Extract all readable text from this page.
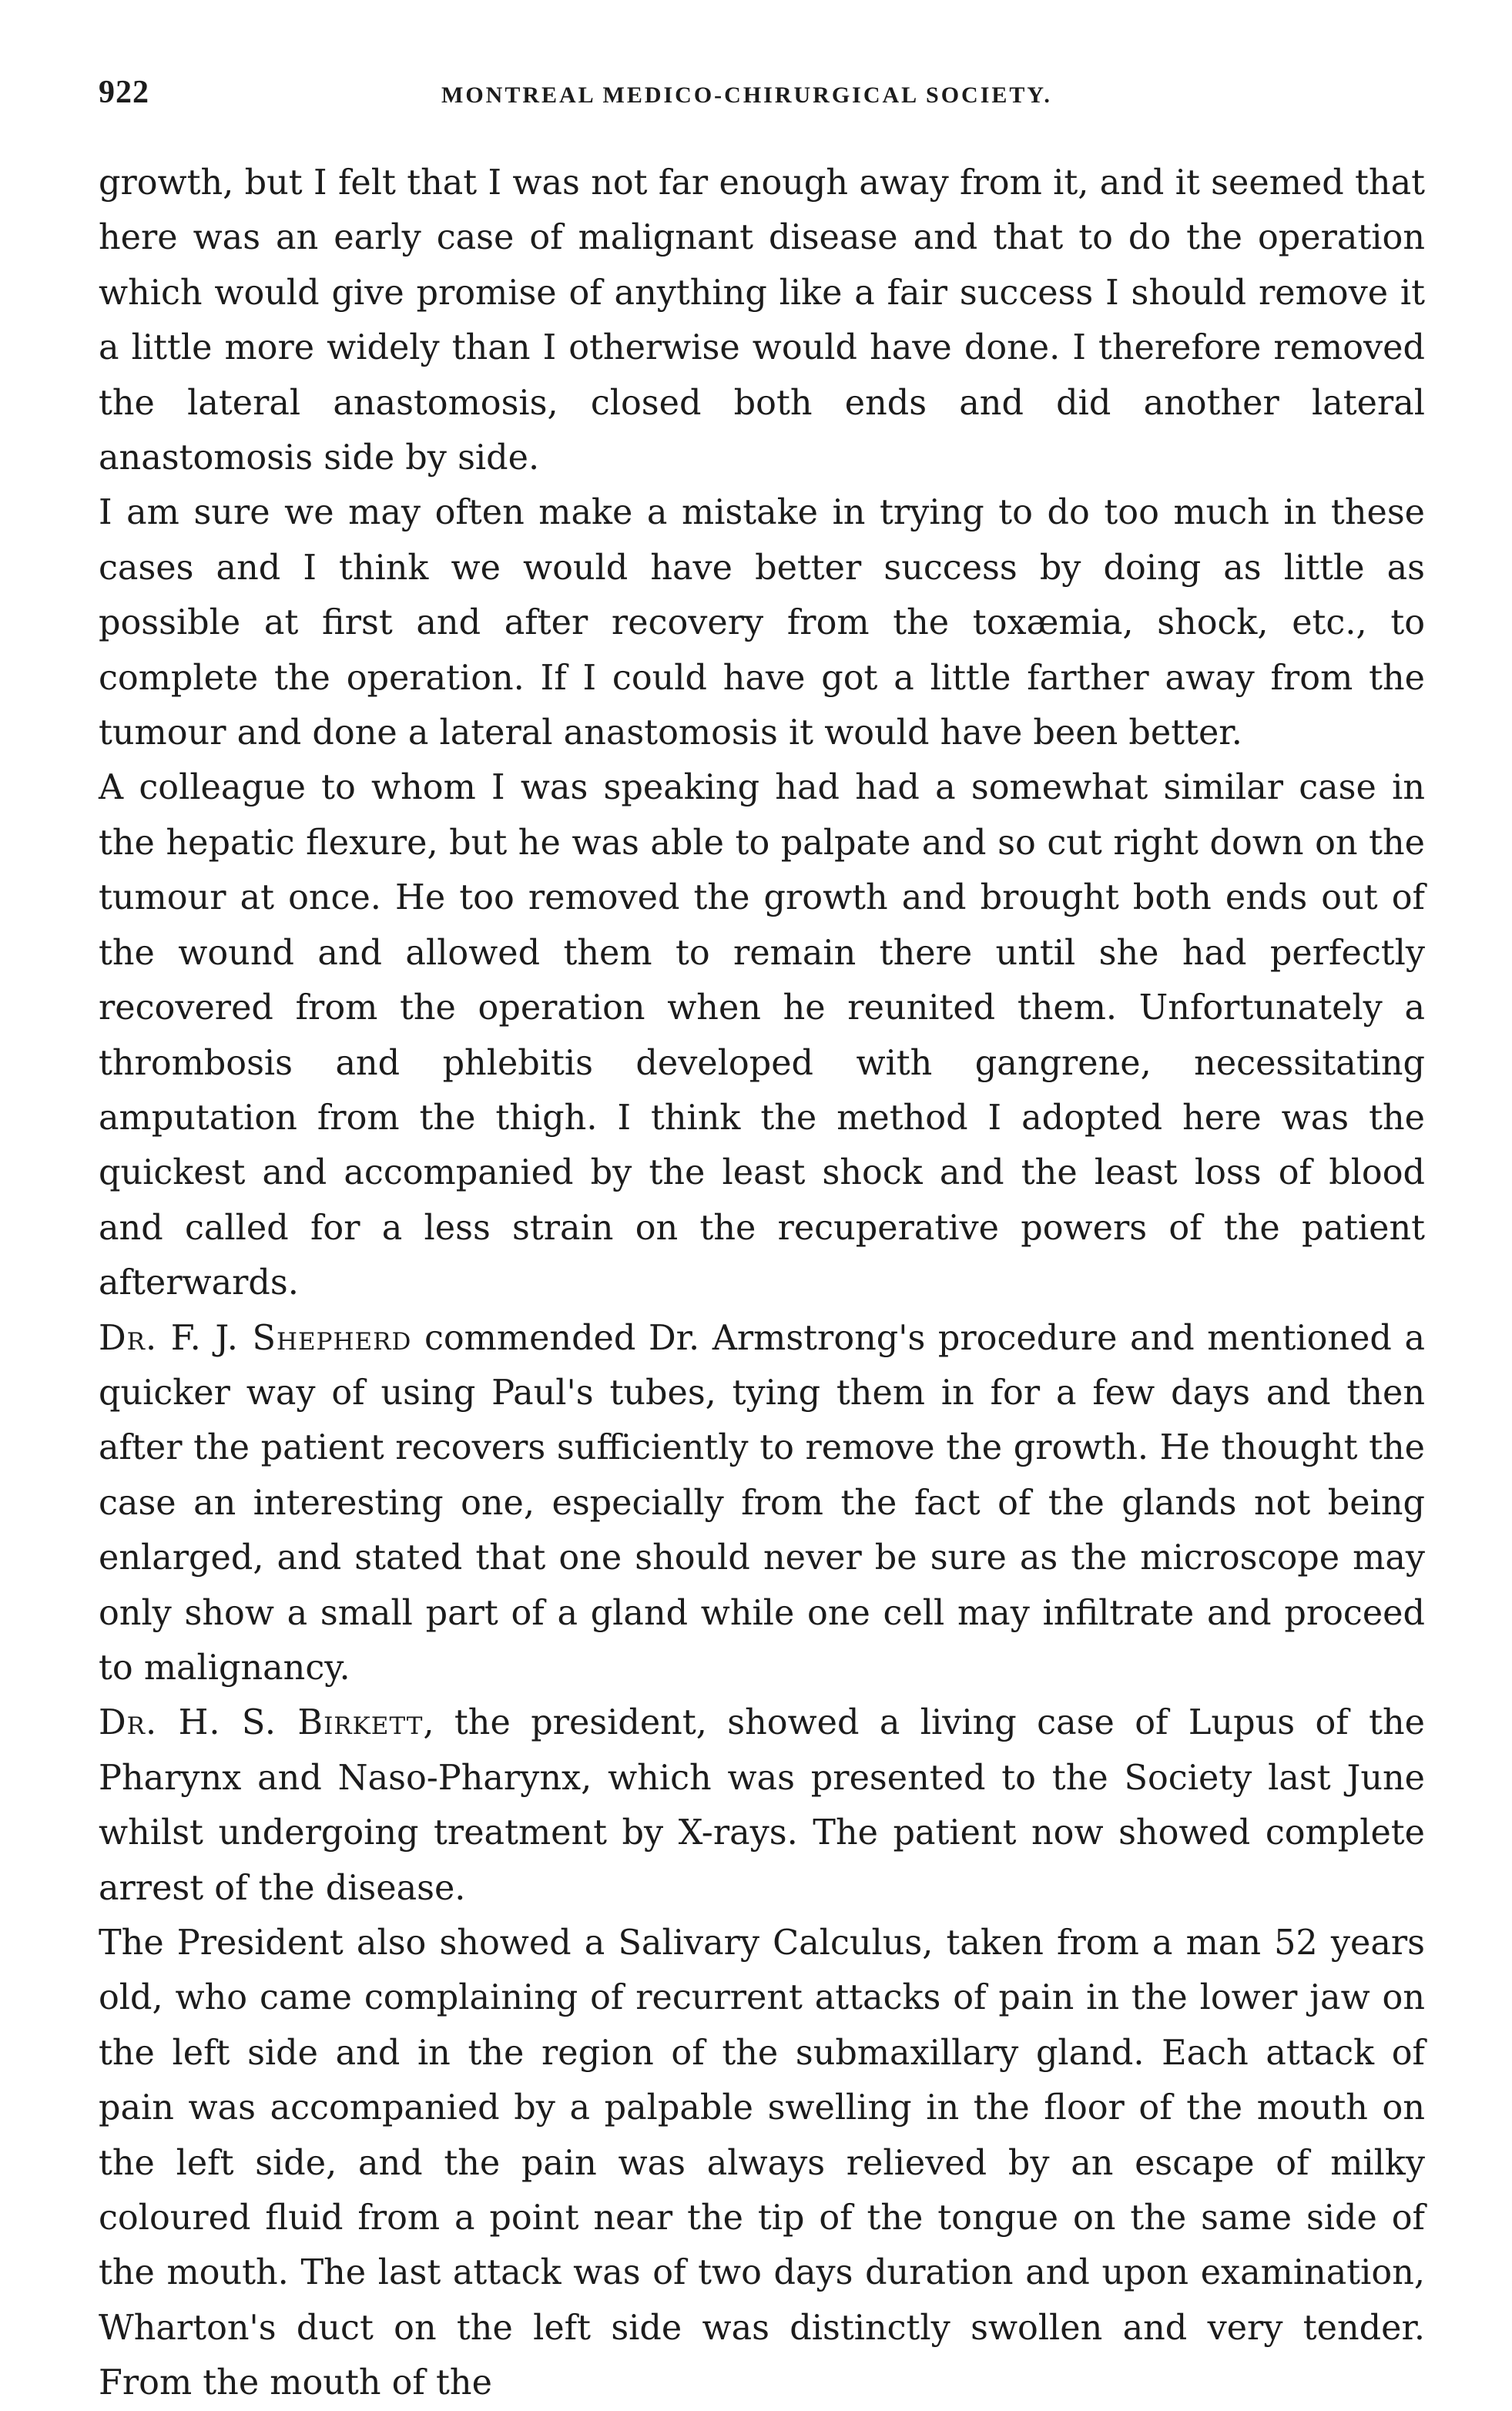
922	MONTREAL MEDICO-CHIRURGICAL SOCIETY.

growth, but I felt that I was not far enough away from it, and it seemed that here was an early case of malignant disease and that to do the operation which would give promise of anything like a fair success I should remove it a little more widely than I otherwise would have done. I therefore removed the lateral anastomosis, closed both ends and did another lateral anastomosis side by side.

I am sure we may often make a mistake in trying to do too much in these cases and I think we would have better success by doing as little as possible at first and after recovery from the toxæmia, shock, etc., to complete the operation. If I could have got a little farther away from the tumour and done a lateral anastomosis it would have been better.

A colleague to whom I was speaking had had a somewhat similar case in the hepatic flexure, but he was able to palpate and so cut right down on the tumour at once. He too removed the growth and brought both ends out of the wound and allowed them to remain there until she had perfectly recovered from the operation when he reunited them. Unfortunately a thrombosis and phlebitis developed with gangrene, necessitating amputation from the thigh. I think the method I adopted here was the quickest and accompanied by the least shock and the least loss of blood and called for a less strain on the recuperative powers of the patient afterwards.

Dr. F. J. Shepherd commended Dr. Armstrong's procedure and mentioned a quicker way of using Paul's tubes, tying them in for a few days and then after the patient recovers sufficiently to remove the growth. He thought the case an interesting one, especially from the fact of the glands not being enlarged, and stated that one should never be sure as the microscope may only show a small part of a gland while one cell may infiltrate and proceed to malignancy.

Dr. H. S. Birkett, the president, showed a living case of Lupus of the Pharynx and Naso-Pharynx, which was presented to the Society last June whilst undergoing treatment by X-rays. The patient now showed complete arrest of the disease.

The President also showed a Salivary Calculus, taken from a man 52 years old, who came complaining of recurrent attacks of pain in the lower jaw on the left side and in the region of the submaxillary gland. Each attack of pain was accompanied by a palpable swelling in the floor of the mouth on the left side, and the pain was always relieved by an escape of milky coloured fluid from a point near the tip of the tongue on the same side of the mouth. The last attack was of two days duration and upon examination, Wharton's duct on the left side was distinctly swollen and very tender. From the mouth of the
